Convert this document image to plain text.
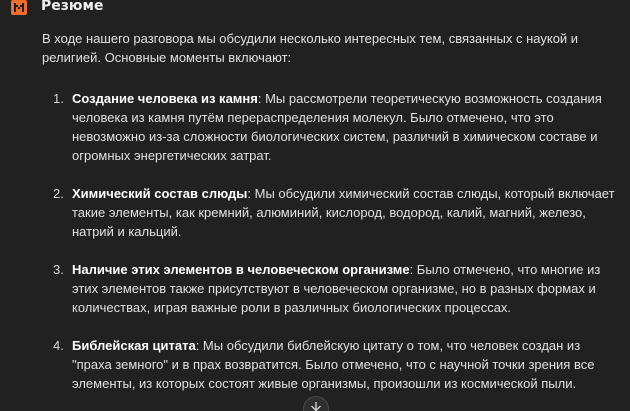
Резюме

В ходе нашего разговора мы обсудили несколько интересных тем, связанных с наукой и религией. Основные моменты включают:

1. Создание человека из камня: Мы рассмотрели теоретическую возможность создания человека из камня путём перераспределения молекул. Было отмечено, что это невозможно из-за сложности биологических систем, различий в химическом составе и огромных энергетических затрат.
2. Химический состав слюды: Мы обсудили химический состав слюды, который включает такие элементы, как кремний, алюминий, кислород, водород, калий, магний, железо, натрий и кальций.
3. Наличие этих элементов в человеческом организме: Было отмечено, что многие из этих элементов также присутствуют в человеческом организме, но в разных формах и количествах, играя важные роли в различных биологических процессах.
4. Библейская цитата: Мы обсудили библейскую цитату о том, что человек создан из "праха земного" и в прах возвратится. Было отмечено, что с научной точки зрения все элементы, из которых состоят живые организмы, произошли из космической пыли.
